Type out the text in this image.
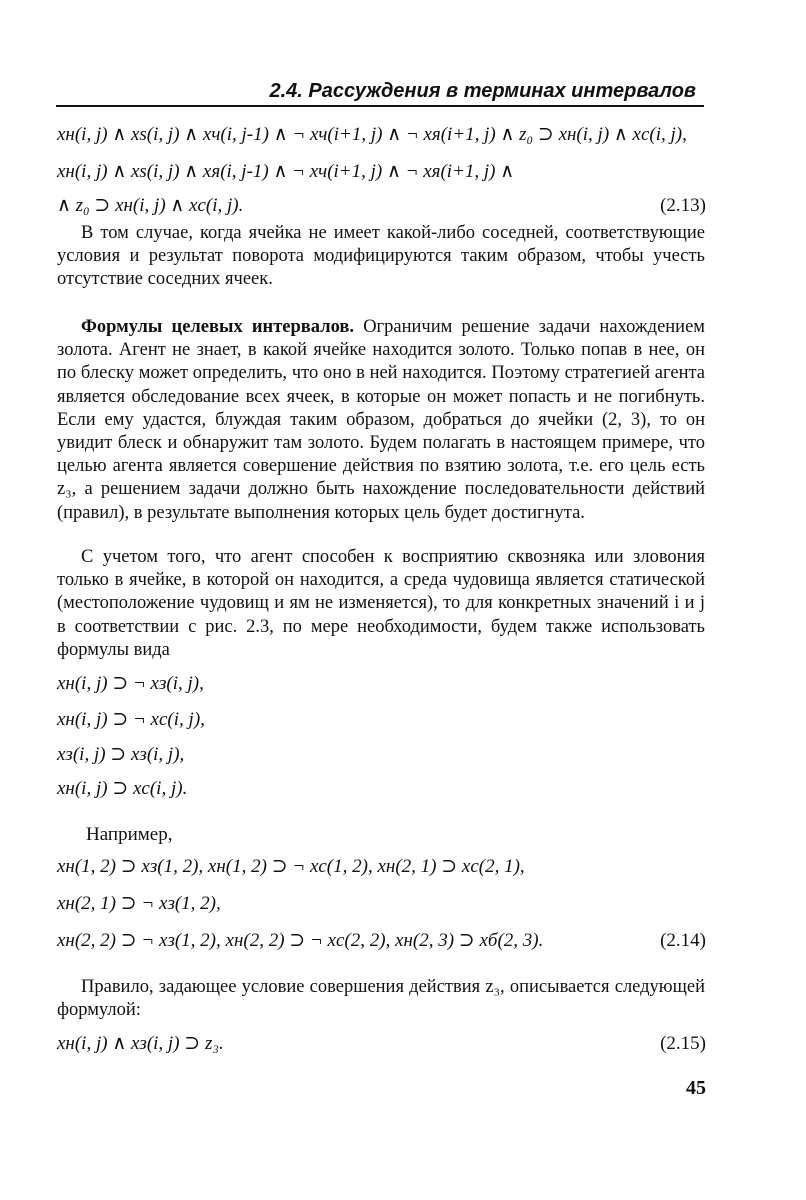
2.4. Рассуждения в терминах интервалов
xн(i, j) ∧ xs(i, j) ∧ xч(i, j-1) ∧ ¬ xч(i+1, j) ∧ ¬ xя(i+1, j) ∧ z₀ ⊃ xн(i, j) ∧ xc(i, j),
xн(i, j) ∧ xs(i, j) ∧ xя(i, j-1) ∧ ¬ xч(i+1, j) ∧ ¬ xя(i+1, j) ∧
∧ z₀ ⊃ xн(i, j) ∧ xc(i, j).	(2.13)

В том случае, когда ячейка не имеет какой-либо соседней, соответствующие условия и результат поворота модифицируются таким образом, чтобы учесть отсутствие соседних ячеек.

Формулы целевых интервалов. Ограничим решение задачи нахождением золота. Агент не знает, в какой ячейке находится золото. Только попав в нее, он по блеску может определить, что оно в ней находится. Поэтому стратегией агента является обследование всех ячеек, в которые он может попасть и не погибнуть. Если ему удастся, блуждая таким образом, добраться до ячейки (2, 3), то он увидит блеск и обнаружит там золото. Будем полагать в настоящем примере, что целью агента является совершение действия по взятию золота, т.е. его цель есть z₃, а решением задачи должно быть нахождение последовательности действий (правил), в результате выполнения которых цель будет достигнута.

С учетом того, что агент способен к восприятию сквозняка или зловония только в ячейке, в которой он находится, а среда чудовища является статической (местоположение чудовищ и ям не изменяется), то для конкретных значений i и j в соответствии с рис. 2.3, по мере необходимости, будем также использовать формулы вида

xн(i, j) ⊃ ¬ xз(i, j),
xн(i, j) ⊃ ¬ xc(i, j),
xз(i, j) ⊃ xз(i, j),
xн(i, j) ⊃ xc(i, j).
Например,
xн(1, 2) ⊃ xз(1, 2), xн(1, 2) ⊃ ¬ xc(1, 2), xн(2, 1) ⊃ xc(2, 1),
xн(2, 1) ⊃ ¬ xз(1, 2),
xн(2, 2) ⊃ ¬ xз(1, 2), xн(2, 2) ⊃ ¬ xc(2, 2), xн(2, 3) ⊃ xб(2, 3).	(2.14)

Правило, задающее условие совершения действия z₃, описывается следующей формулой:

xн(i, j) ∧ xз(i, j) ⊃ z₃.	(2.15)
45
